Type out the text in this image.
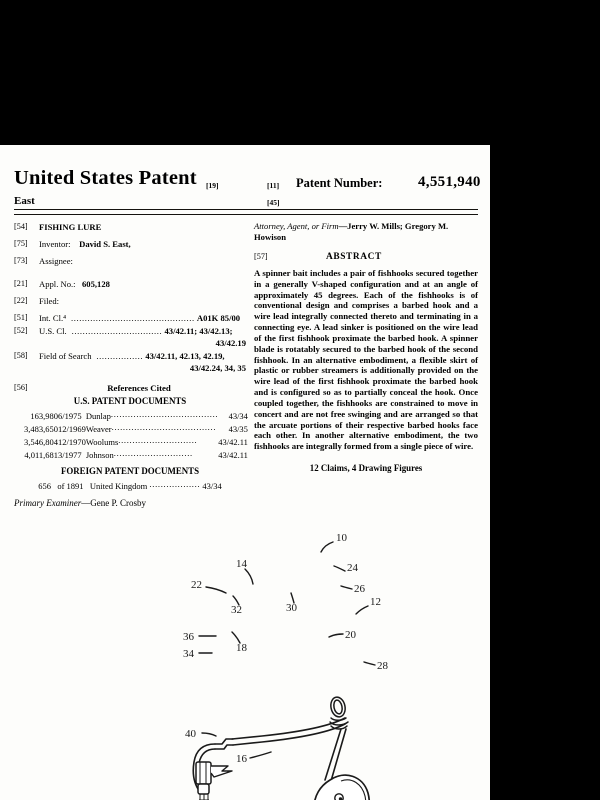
United States Patent [19]
East
[11] Patent Number: 4,551,940
[45]
[54] FISHING LURE
[75] Inventor: David S. East,
[73] Assignee:
[21] Appl. No.: 605,128
[22] Filed:
[51] Int. Cl.⁴  ............................................. A01K 85/00
[52] U.S. Cl.  ................................. 43/42.11; 43/42.13;
43/42.19
[58] Field of Search  ................. 43/42.11, 42.13, 42.19,
43/42.24, 34, 35
[56]	References Cited
U.S. PATENT DOCUMENTS
163,980	6/1975	Dunlap......................................	43/34
3,483,650	12/1969	Weaver.....................................	43/35
3,546,804	12/1970	Woolums............................	43/42.11
4,011,681	3/1977	Johnson............................	43/42.11
FOREIGN PATENT DOCUMENTS
656 of 1891 United Kingdom .................. 43/34
Primary Examiner—Gene P. Crosby
Attorney, Agent, or Firm—Jerry W. Mills; Gregory M. Howison
[57]	ABSTRACT
A spinner bait includes a pair of fishhooks secured together in a generally V-shaped configuration and at an angle of approximately 45 degrees. Each of the fishhooks is of conventional design and comprises a barbed hook and a wire lead integrally connected thereto and terminating in a connecting eye. A lead sinker is positioned on the wire lead of the first fishhook proximate the barbed hook. A spinner blade is rotatably secured to the barbed hook of the second fishhook. In an alternative embodiment, a flexible skirt of plastic or rubber streamers is additionally provided on the wire lead of the first fishhook proximate the barbed hook and is configured so as to partially conceal the hook. Once coupled together, the fishhooks are constrained to move in concert and are not free swinging and are arranged so that the arcuate portions of their respective barbed hooks face each other. In another alternative embodiment, the two fishhooks are integrally formed from a single piece of wire.
12 Claims, 4 Drawing Figures
10
14	24
22	26
12
32	30
20
36
18
34
28
40
16
